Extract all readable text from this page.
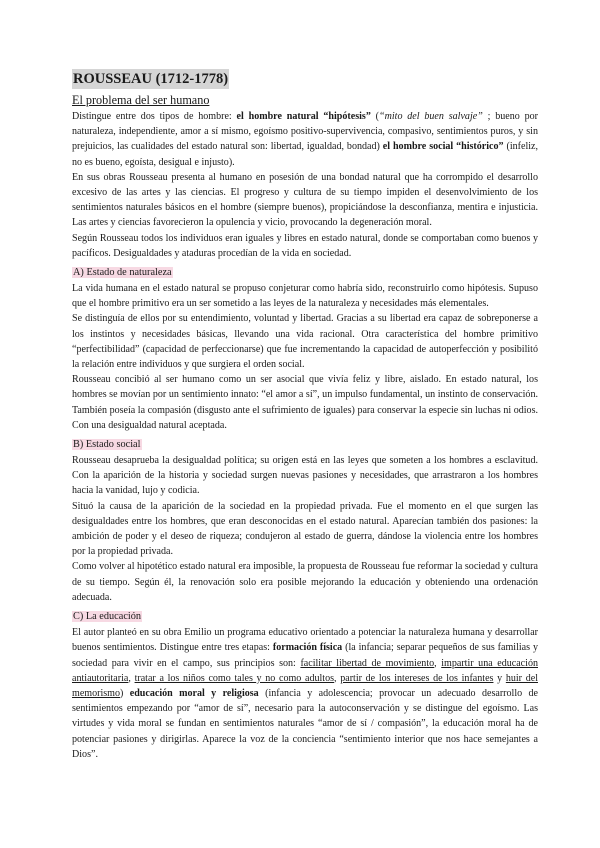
ROUSSEAU (1712-1778)
El problema del ser humano

Distingue entre dos tipos de hombre: el hombre natural “hipótesis” (“mito del buen salvaje” ; bueno por naturaleza, independiente, amor a sí mismo, egoísmo positivo-supervivencia, compasivo, sentimientos puros, y sin prejuicios, las cualidades del estado natural son: libertad, igualdad, bondad) el hombre social “histórico” (infeliz, no es bueno, egoísta, desigual e injusto).

En sus obras Rousseau presenta al humano en posesión de una bondad natural que ha corrompido el desarrollo excesivo de las artes y las ciencias. El progreso y cultura de su tiempo impiden el desenvolvimiento de los sentimientos naturales básicos en el hombre (siempre buenos), propiciándose la desconfianza, mentira e injusticia. Las artes y ciencias favorecieron la opulencia y vicio, provocando la degeneración moral.

Según Rousseau todos los individuos eran iguales y libres en estado natural, donde se comportaban como buenos y pacíficos. Desigualdades y ataduras procedían de la vida en sociedad.

A) Estado de naturaleza

La vida humana en el estado natural se propuso conjeturar como habría sido, reconstruirlo como hipótesis. Supuso que el hombre primitivo era un ser sometido a las leyes de la naturaleza y necesidades más elementales.

Se distinguía de ellos por su entendimiento, voluntad y libertad. Gracias a su libertad era capaz de sobreponerse a los instintos y necesidades básicas, llevando una vida racional. Otra característica del hombre primitivo “perfectibilidad” (capacidad de perfeccionarse) que fue incrementando la capacidad de autoperfección y posibilitó la relación entre individuos y que surgiera el orden social.

Rousseau concibió al ser humano como un ser asocial que vivía feliz y libre, aislado. En estado natural, los hombres se movían por un sentimiento innato: “el amor a sí”, un impulso fundamental, un instinto de conservación. También poseía la compasión (disgusto ante el sufrimiento de iguales) para conservar la especie sin luchas ni odios. Con una desigualdad natural aceptada.

B) Estado social

Rousseau desaprueba la desigualdad política; su origen está en las leyes que someten a los hombres a esclavitud. Con la aparición de la historia y sociedad surgen nuevas pasiones y necesidades, que arrastraron a los hombres hacia la vanidad, lujo y codicia.

Situó la causa de la aparición de la sociedad en la propiedad privada. Fue el momento en el que surgen las desigualdades entre los hombres, que eran desconocidas en el estado natural. Aparecían también dos pasiones: la ambición de poder y el deseo de riqueza; condujeron al estado de guerra, dándose la violencia entre los hombres por la propiedad privada.

Como volver al hipotético estado natural era imposible, la propuesta de Rousseau fue reformar la sociedad y cultura de su tiempo. Según él, la renovación solo era posible mejorando la educación y obteniendo una ordenación adecuada.

C) La educación

El autor planteó en su obra Emilio un programa educativo orientado a potenciar la naturaleza humana y desarrollar buenos sentimientos. Distingue entre tres etapas: formación física (la infancia; separar pequeños de sus familias y sociedad para vivir en el campo, sus principios son: facilitar libertad de movimiento, impartir una educación antiautoritaria, tratar a los niños como tales y no como adultos, partir de los intereses de los infantes y huir del memorismo) educación moral y religiosa (infancia y adolescencia; provocar un adecuado desarrollo de sentimientos empezando por “amor de sí”, necesario para la autoconservación y se distingue del egoísmo. Las virtudes y vida moral se fundan en sentimientos naturales “amor de sí / compasión”, la educación moral ha de potenciar pasiones y dirigirlas. Aparece la voz de la conciencia “sentimiento interior que nos hace semejantes a Dios”.
